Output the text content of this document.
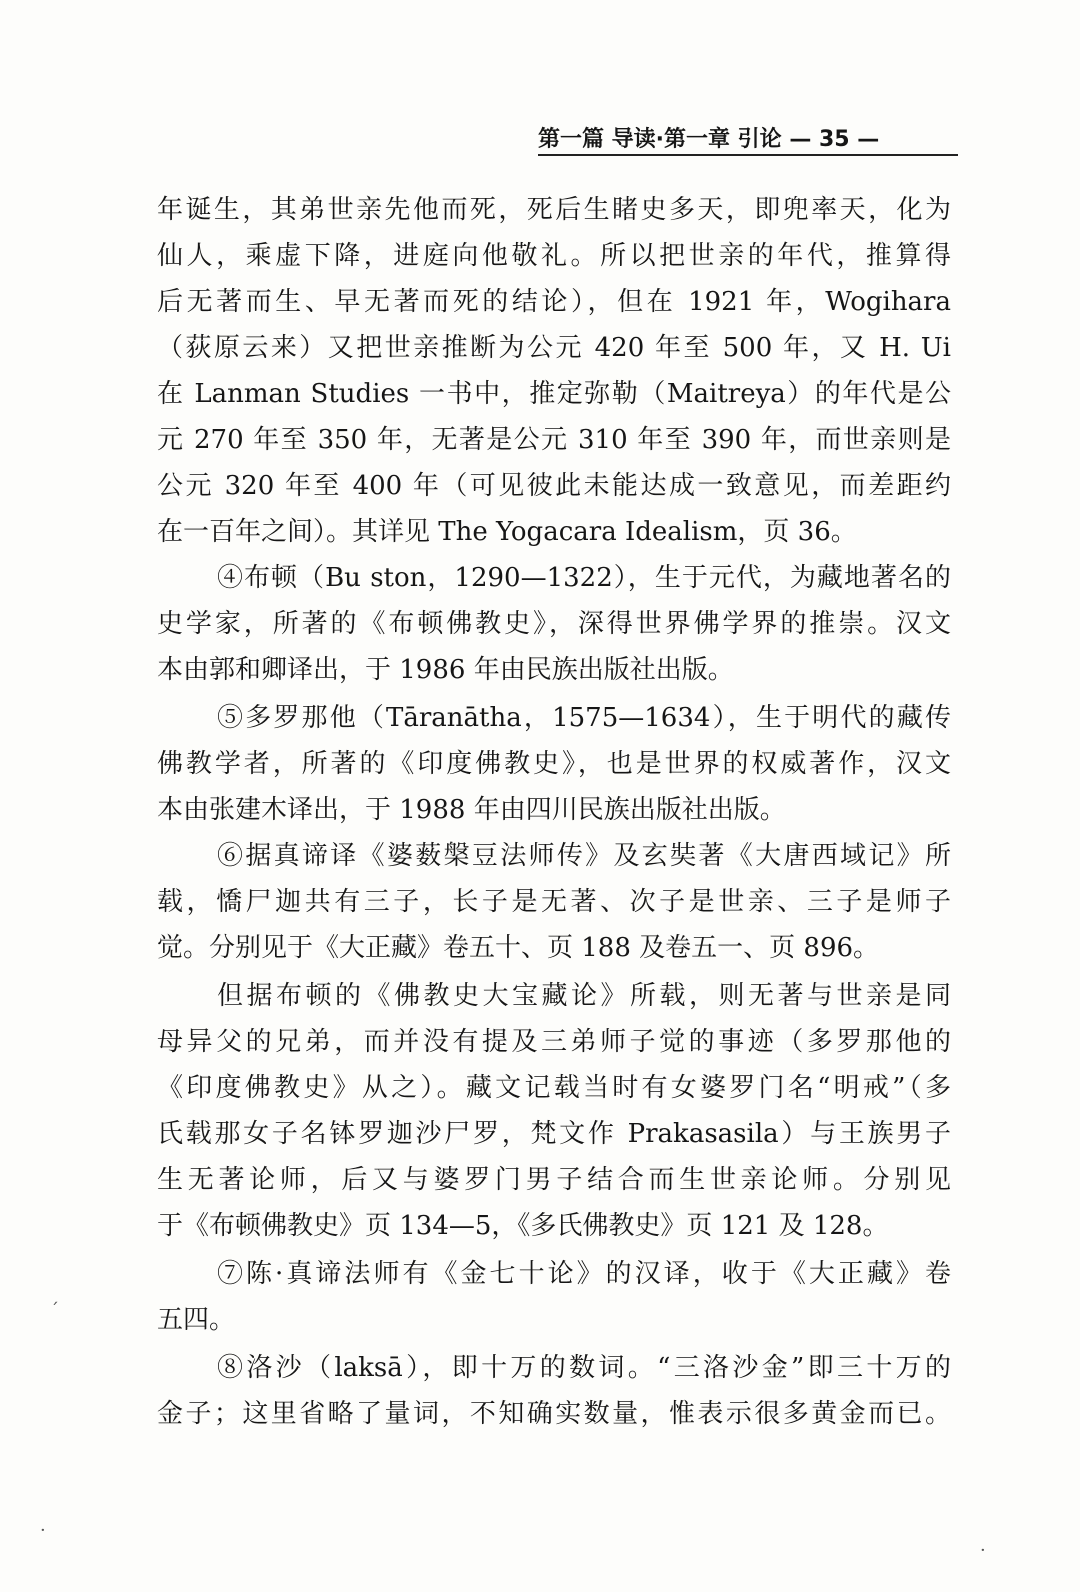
第一篇 导读·第一章 引论 — 35 —
年诞生，其弟世亲先他而死，死后生睹史多天，即兜率天，化为
仙人，乘虚下降，进庭向他敬礼。所以把世亲的年代，推算得
后无著而生、早无著而死的结论），但在 1921 年，Wogihara
（荻原云来）又把世亲推断为公元 420 年至 500 年，又 H. Ui
在 Lanman Studies 一书中，推定弥勒（Maitreya）的年代是公
元 270 年至 350 年，无著是公元 310 年至 390 年，而世亲则是
公元 320 年至 400 年（可见彼此未能达成一致意见，而差距约
在一百年之间）。其详见 The Yogacara Idealism，页 36。
④布顿（Bu ston，1290—1322），生于元代，为藏地著名的
史学家，所著的《布顿佛教史》，深得世界佛学界的推崇。汉文
本由郭和卿译出，于 1986 年由民族出版社出版。
⑤多罗那他（Tāranātha，1575—1634），生于明代的藏传
佛教学者，所著的《印度佛教史》，也是世界的权威著作，汉文
本由张建木译出，于 1988 年由四川民族出版社出版。
⑥据真谛译《婆薮槃豆法师传》及玄奘著《大唐西域记》所
载，憍尸迦共有三子，长子是无著、次子是世亲、三子是师子
觉。分别见于《大正藏》卷五十、页 188 及卷五一、页 896。
但据布顿的《佛教史大宝藏论》所载，则无著与世亲是同
母异父的兄弟，而并没有提及三弟师子觉的事迹（多罗那他的
《印度佛教史》从之）。藏文记载当时有女婆罗门名“明戒”（多
氏载那女子名钵罗迦沙尸罗，梵文作 Prakasasila）与王族男子
生无著论师，后又与婆罗门男子结合而生世亲论师。分别见
于《布顿佛教史》页 134—5，《多氏佛教史》页 121 及 128。
⑦陈·真谛法师有《金七十论》的汉译，收于《大正藏》卷
五四。
⑧洛沙（laksā），即十万的数词。“三洛沙金”即三十万的
金子；这里省略了量词，不知确实数量，惟表示很多黄金而已。
ˊ
·
·
